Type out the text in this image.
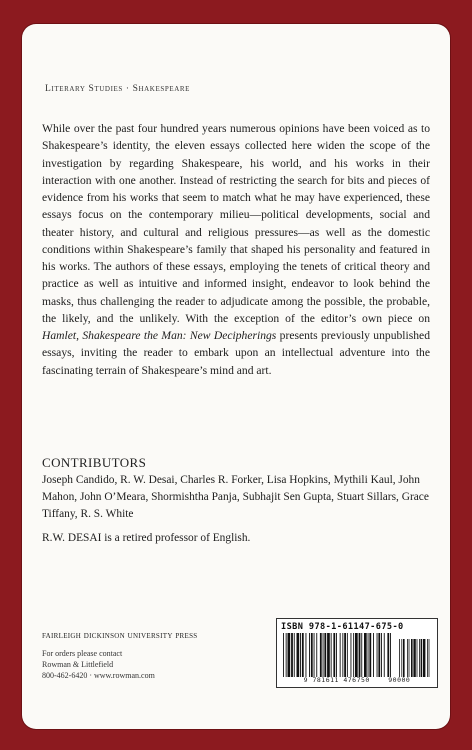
Literary Studies · Shakespeare
While over the past four hundred years numerous opinions have been voiced as to Shakespeare’s identity, the eleven essays collected here widen the scope of the investigation by regarding Shakespeare, his world, and his works in their interaction with one another. Instead of restricting the search for bits and pieces of evidence from his works that seem to match what he may have experienced, these essays focus on the contemporary milieu—political developments, social and theater history, and cultural and religious pressures—as well as the domestic conditions within Shakespeare’s family that shaped his personality and featured in his works. The authors of these essays, employing the tenets of critical theory and practice as well as intuitive and informed insight, endeavor to look behind the masks, thus challenging the reader to adjudicate among the possible, the probable, the likely, and the unlikely. With the exception of the editor’s own piece on Hamlet, Shakespeare the Man: New Decipherings presents previously unpublished essays, inviting the reader to embark upon an intellectual adventure into the fascinating terrain of Shakespeare’s mind and art.
CONTRIBUTORS
Joseph Candido, R. W. Desai, Charles R. Forker, Lisa Hopkins, Mythili Kaul, John Mahon, John O’Meara, Shormishtha Panja, Subhajit Sen Gupta, Stuart Sillars, Grace Tiffany, R. S. White
R.W. DESAI is a retired professor of English.
fairleigh dickinson university press
For orders please contact
Rowman & Littlefield
800-462-6420 · www.rowman.com
ISBN 978-1-61147-675-0
9 781611 476750	90000
